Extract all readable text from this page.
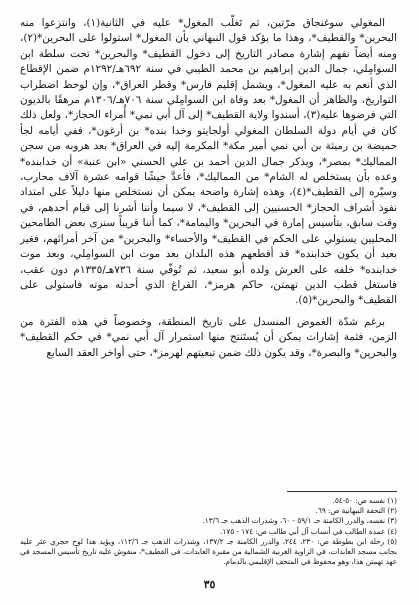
المغولي سوغنجاق مرّتين، ثم تَغلّب المغول* عليه في الثانية(١)، وانتزعوا منه البحرين* والقطيف*، وهذا ما يؤكد قول النبهاني بأن المغول* استولوا على البحرين*(٢)، ومنه أيضاً نفهم إشارة مصادر التاريخ إلى دخول القطيف* والبحرين* تحت سلطة ابن السوامِلي، جمال الدين إبراهيم بن محمد الطيبي في سنة ٦٩٢هـ/١٢٩٢م ضمن الإقطاع الذي أنعم به عليه المغول*، ويشمل إقليم فارس* وقطر العراق*، وإن لوحظ اضطراب التواريخ، والظاهر أن المغول* بعد وفاة ابن السوامِلي سنة ٧٠٦هـ/١٣٠٦م مرهقًا بالديون التي فرضوها عليه(٣)، أسندوا ولاية القطيف* إلى آل أبي نمي* أُمراء الحجاز*، ولعل ذلك كان في أيام دولة السلطان المغولي أولجايتو وخدا بنده* بن أرغون*، ففي أيامه لجأ حميضة بن رميثة بن أبي نمي أمير مكة* المكرمة إليه في العراق* بعد هروبه من سجن المماليك* بمصر*، ويذكر جمال الدين أحمد بن علي الحسني «ابن عنبة» أن خدابنده* وعده بأن يستخلص له الشام* من المماليك*، فأعدَّ جيشًا قوامه عشرة آلاف محارب، وسيّره إلى القطيف*(٤)، وهذه إشارة واضحة يمكن أن نستخلص منها دليلاً على امتداد نفوذ أشراف الحجاز* الحسنيين إلى القطيف*، لا سيما وأننا أشرنا إلى قيام أحدهم، في وقت سابق، بتأسيس إمارة في البحرين* واليمامة*، كما أننا قريباً سنرى بعض الطامحين المحليين يستولي على الحكم في القطيف* والأحساء* والبحرين* من آخر أمرائهم، فغير بعيد أن يكون خدابنده* قد أقطعهم هذه البلدان بعد موت ابن السوامِلي، وبعد موت خدابنده* خلفه على العرش ولده أبو سعيد، ثم تُوفّي سنة ٧٣٦هـ/١٣٣٥م دون عقب، فاستغل قطب الدين تهمتن، حاكم هرمز*، الفراغ الذي أحدثه موته فاستولى على القطيف* والبحرين*(٥).

برغم شدّة الغموض المنسدل على تاريخ المنطقة، وخصوصاً في هذه الفترة من الزمن، فثمة إشارات يمكن أن يُستَنتج منها استمرار آل أبي نمي* في حكم القطيف* والبحرين* والبصرة*، وقد يكون ذلك ضمن تبعيتهم لهرمز*، حتى أواخر العقد السابع

(١) نفسه ص: ٥٠-٥٤.
(٢) التحفة النبهانية ص: ٦٩.
(٣) نفسه، والدرر الكامنة جـ ٥٩/١ - ٦٠، وشذرات الذهب جـ ١٣/٦.
(٤) عمدة الطالب في أنساب آل أبي طالب ص: ١٧٤ - ١٧٥.
(٥) رحلة ابن بطوطة ص: ٢٣٠، ٢٤٤، والدرر الكامنة جـ ١٣٧/٢، وشذرات الذهب جـ ١١٢/٦، ويؤيد هذا لوح حجري عثر عليه بجانب مسجد العابدات، في الزاوية الغربية الشمالية من مقبرة العابدات، في القطيف*، منقوش عليه تاريخ تأسيس المسجد في عهد تهمتن هذا، وهو محفوظ في المتحف الإقليمي بالدمام.
٣٥
